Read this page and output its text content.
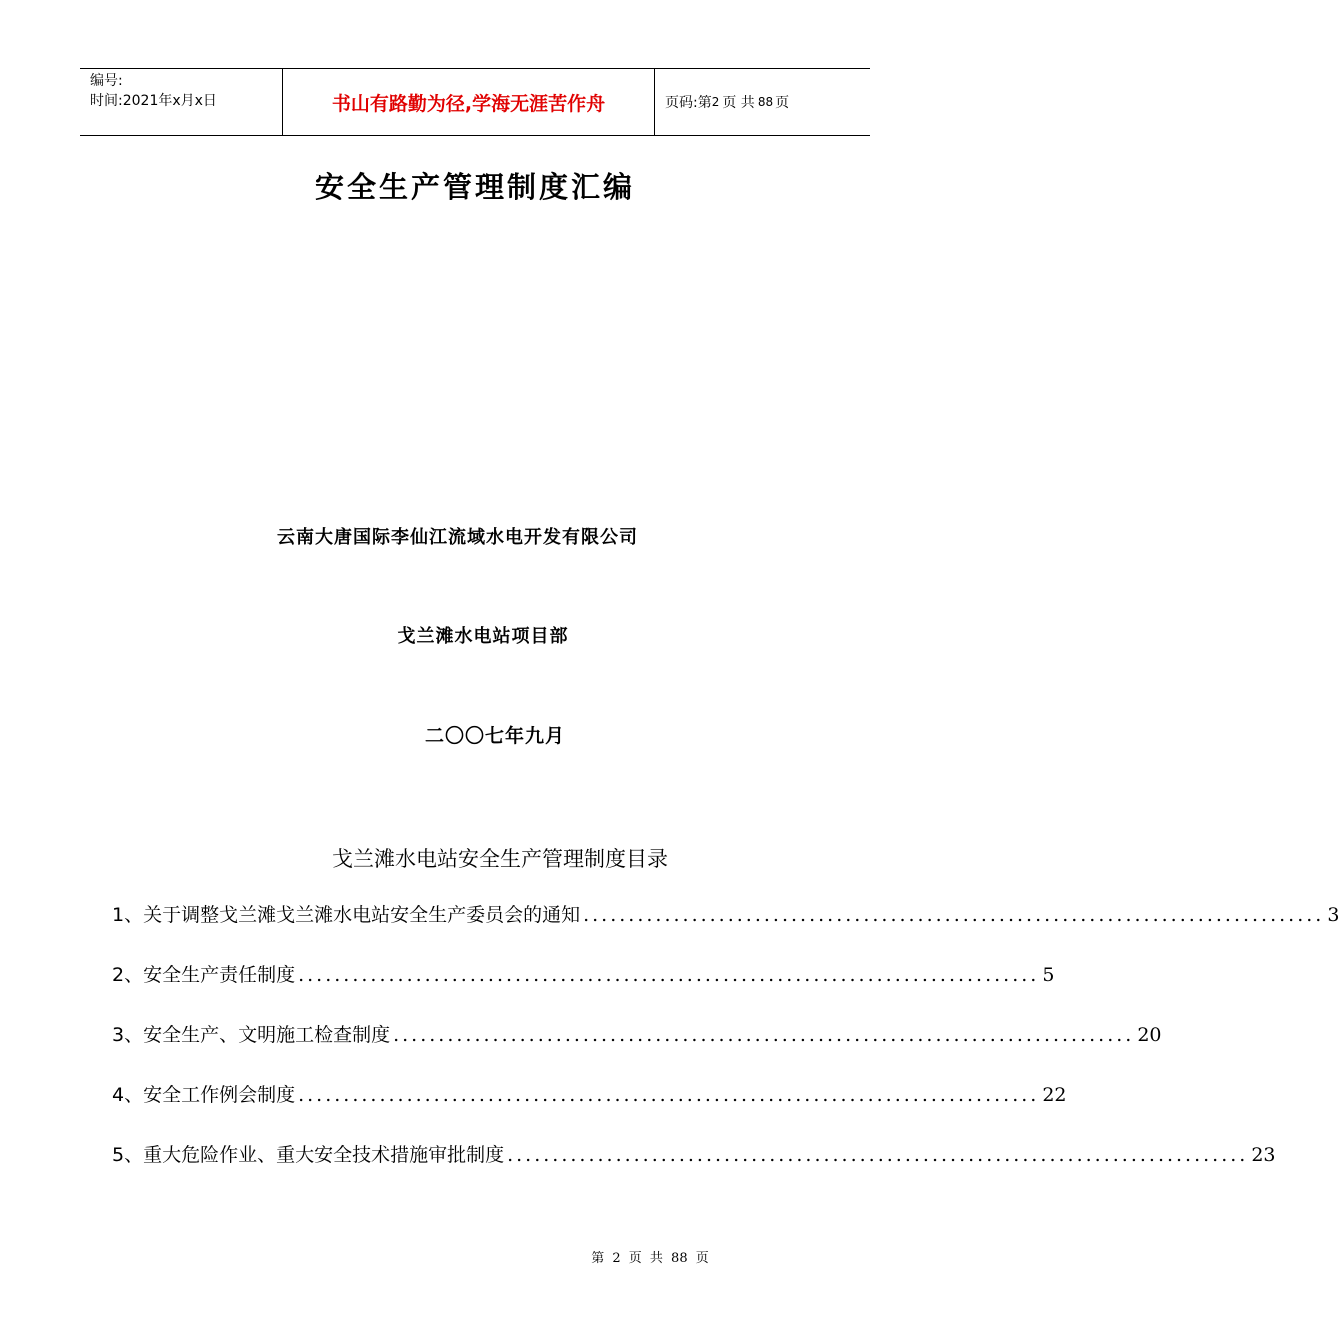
编号:
时间:2021年x月x日	书山有路勤为径,学海无涯苦作舟	页码:第 2 页 共 88 页
安全生产管理制度汇编
云南大唐国际李仙江流域水电开发有限公司
戈兰滩水电站项目部
二〇〇七年九月
戈兰滩水电站安全生产管理制度目录
1、关于调整戈兰滩戈兰滩水电站安全生产委员会的通知 .................................................................................. 3
2、安全生产责任制度 .................................................................................. 5
3、安全生产、文明施工检查制度 .................................................................................. 20
4、安全工作例会制度 .................................................................................. 22
5、重大危险作业、重大安全技术措施审批制度 .................................................................................. 23
第 2 页 共 88 页
